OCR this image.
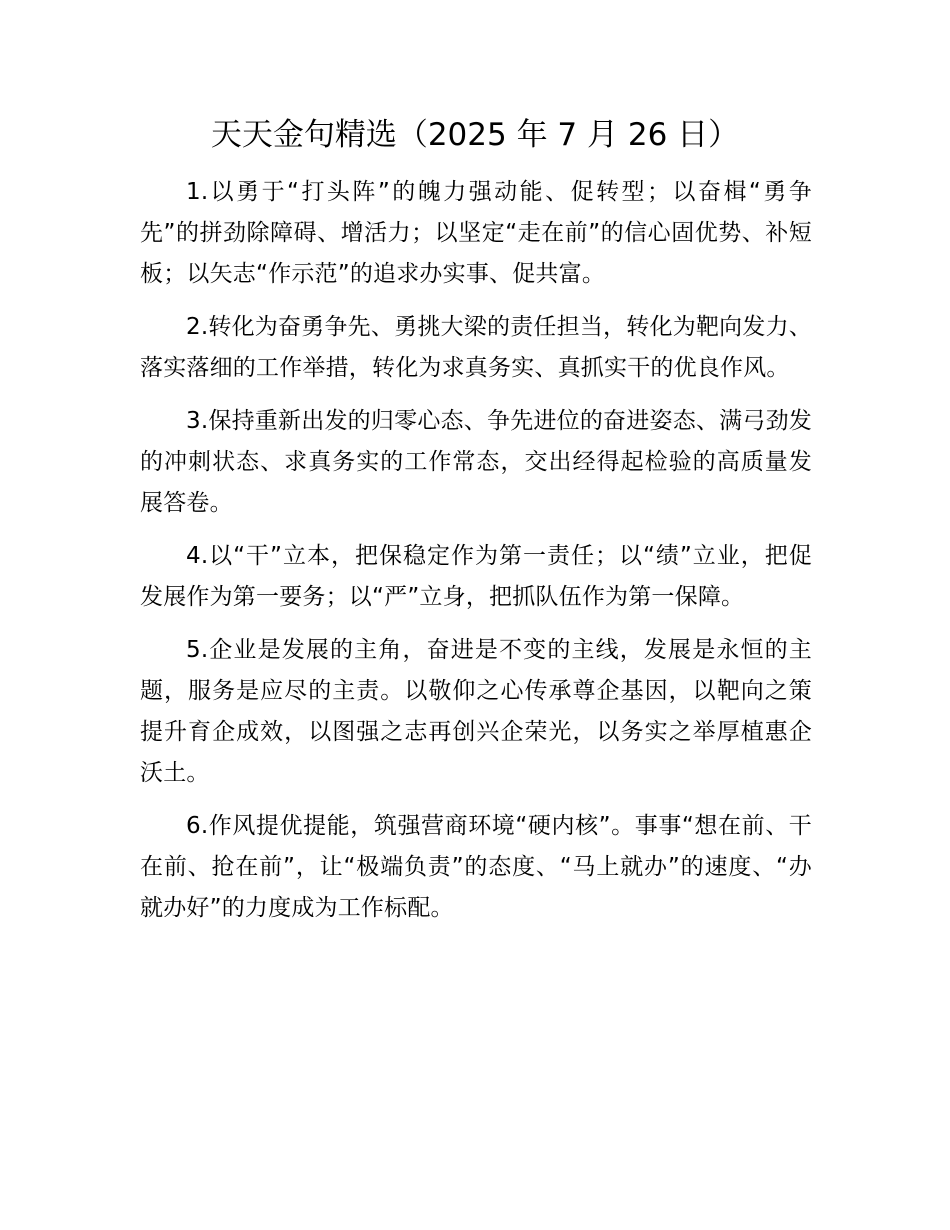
天天金句精选（2025 年 7 月 26 日）

1.以勇于“打头阵”的魄力强动能、促转型；以奋楫“勇争先”的拼劲除障碍、增活力；以坚定“走在前”的信心固优势、补短板；以矢志“作示范”的追求办实事、促共富。

2.转化为奋勇争先、勇挑大梁的责任担当，转化为靶向发力、落实落细的工作举措，转化为求真务实、真抓实干的优良作风。

3.保持重新出发的归零心态、争先进位的奋进姿态、满弓劲发的冲刺状态、求真务实的工作常态，交出经得起检验的高质量发展答卷。

4.以“干”立本，把保稳定作为第一责任；以“绩”立业，把促发展作为第一要务；以“严”立身，把抓队伍作为第一保障。

5.企业是发展的主角，奋进是不变的主线，发展是永恒的主题，服务是应尽的主责。以敬仰之心传承尊企基因，以靶向之策提升育企成效，以图强之志再创兴企荣光，以务实之举厚植惠企沃土。

6.作风提优提能，筑强营商环境“硬内核”。事事“想在前、干在前、抢在前”，让“极端负责”的态度、“马上就办”的速度、“办就办好”的力度成为工作标配。
